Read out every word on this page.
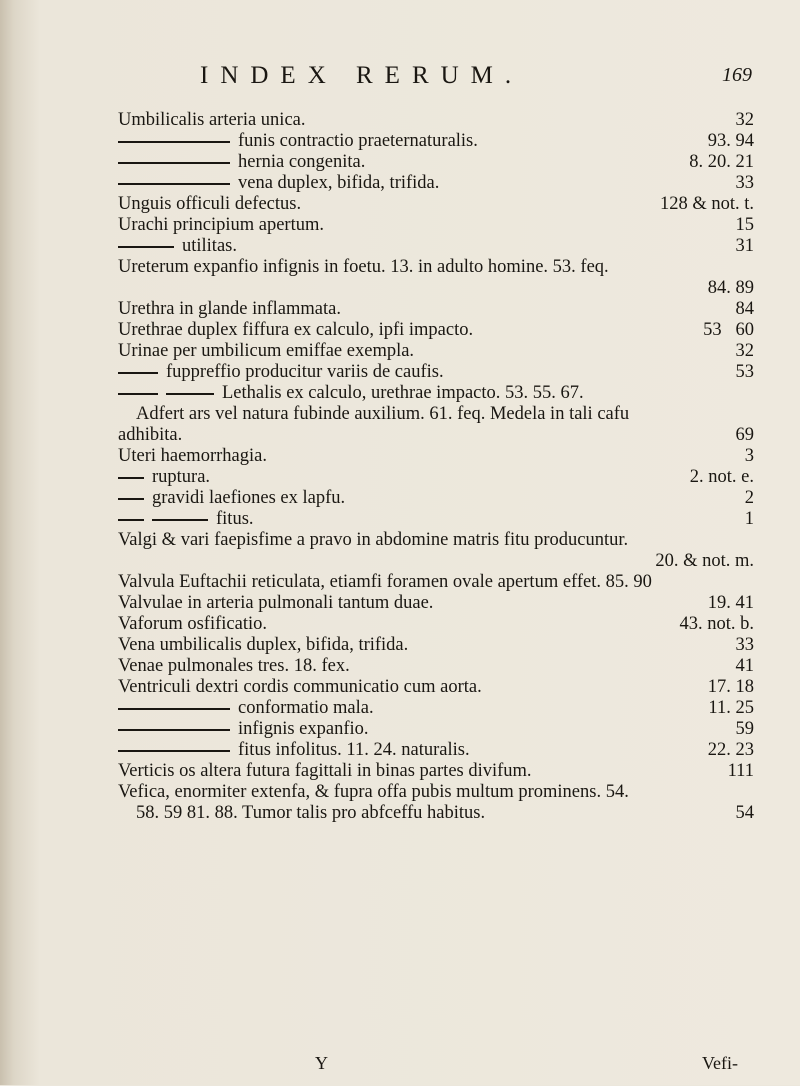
INDEX RERUM.	169
Umbilicalis arteria unica.	32
funis contractio praeternaturalis.	93. 94
hernia congenita.	8. 20. 21
vena duplex, bifida, trifida.	33
Unguis officuli defectus.	128 & not. t.
Urachi principium apertum.	15
utilitas.	31
Ureterum expanfio infignis in foetu. 13. in adulto homine. 53. feq.
84. 89
Urethra in glande inflammata.	84
Urethrae duplex fiffura ex calculo, ipfi impacto.	53   60
Urinae per umbilicum emiffae exempla.	32
fuppreffio producitur variis de caufis.	53
Lethalis ex calculo, urethrae impacto. 53. 55. 67.
Adfert ars vel natura fubinde auxilium. 61. feq. Medela in tali cafu
adhibita.	69
Uteri haemorrhagia.	3
ruptura.	2. not. e.
gravidi laefiones ex lapfu.	2
fitus.	1
Valgi & vari faepisfime a pravo in abdomine matris fitu producuntur.
20. & not. m.
Valvula Euftachii reticulata, etiamfi foramen ovale apertum effet. 85. 90
Valvulae in arteria pulmonali tantum duae.	19. 41
Vaforum osfificatio.	43. not. b.
Vena umbilicalis duplex, bifida, trifida.	33
Venae pulmonales tres. 18. fex.	41
Ventriculi dextri cordis communicatio cum aorta.	17. 18
conformatio mala.	11. 25
infignis expanfio.	59
fitus infolitus. 11. 24. naturalis.	22. 23
Verticis os altera futura fagittali in binas partes divifum.	111
Vefica, enormiter extenfa, & fupra offa pubis multum prominens. 54.
58. 59 81. 88. Tumor talis pro abfceffu habitus.	54
Y	Vefi-
